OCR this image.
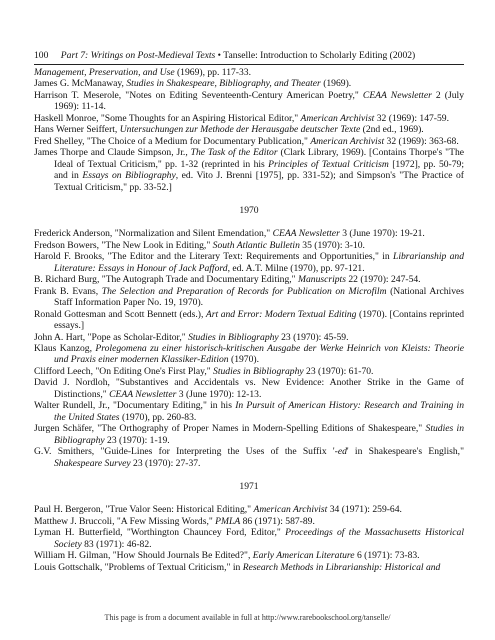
100 Part 7: Writings on Post-Medieval Texts • Tanselle: Introduction to Scholarly Editing (2002)
Management, Preservation, and Use (1969), pp. 117-33.
James G. McManaway, Studies in Shakespeare, Bibliography, and Theater (1969).
Harrison T. Meserole, "Notes on Editing Seventeenth-Century American Poetry," CEAA Newsletter 2 (July 1969): 11-14.
Haskell Monroe, "Some Thoughts for an Aspiring Historical Editor," American Archivist 32 (1969): 147-59.
Hans Werner Seiffert, Untersuchungen zur Methode der Herausgabe deutscher Texte (2nd ed., 1969).
Fred Shelley, "The Choice of a Medium for Documentary Publication," American Archivist 32 (1969): 363-68.
James Thorpe and Claude Simpson, Jr., The Task of the Editor (Clark Library, 1969). [Contains Thorpe's "The Ideal of Textual Criticism," pp. 1-32 (reprinted in his Principles of Textual Criticism [1972], pp. 50-79; and in Essays on Bibliography, ed. Vito J. Brenni [1975], pp. 331-52); and Simpson's "The Practice of Textual Criticism," pp. 33-52.]
1970
Frederick Anderson, "Normalization and Silent Emendation," CEAA Newsletter 3 (June 1970): 19-21.
Fredson Bowers, "The New Look in Editing," South Atlantic Bulletin 35 (1970): 3-10.
Harold F. Brooks, "The Editor and the Literary Text: Requirements and Opportunities," in Librarianship and Literature: Essays in Honour of Jack Pafford, ed. A.T. Milne (1970), pp. 97-121.
B. Richard Burg, "The Autograph Trade and Documentary Editing," Manuscripts 22 (1970): 247-54.
Frank B. Evans, The Selection and Preparation of Records for Publication on Microfilm (National Archives Staff Information Paper No. 19, 1970).
Ronald Gottesman and Scott Bennett (eds.), Art and Error: Modern Textual Editing (1970). [Contains reprinted essays.]
John A. Hart, "Pope as Scholar-Editor," Studies in Bibliography 23 (1970): 45-59.
Klaus Kanzog, Prolegomena zu einer historisch-kritischen Ausgabe der Werke Heinrich von Kleists: Theorie und Praxis einer modernen Klassiker-Edition (1970).
Clifford Leech, "On Editing One's First Play," Studies in Bibliography 23 (1970): 61-70.
David J. Nordloh, "Substantives and Accidentals vs. New Evidence: Another Strike in the Game of Distinctions," CEAA Newsletter 3 (June 1970): 12-13.
Walter Rundell, Jr., "Documentary Editing," in his In Pursuit of American History: Research and Training in the United States (1970), pp. 260-83.
Jurgen Schäfer, "The Orthography of Proper Names in Modern-Spelling Editions of Shakespeare," Studies in Bibliography 23 (1970): 1-19.
G.V. Smithers, "Guide-Lines for Interpreting the Uses of the Suffix '-ed' in Shakespeare's English," Shakespeare Survey 23 (1970): 27-37.
1971
Paul H. Bergeron, "True Valor Seen: Historical Editing," American Archivist 34 (1971): 259-64.
Matthew J. Bruccoli, "A Few Missing Words," PMLA 86 (1971): 587-89.
Lyman H. Butterfield, "Worthington Chauncey Ford, Editor," Proceedings of the Massachusetts Historical Society 83 (1971): 46-82.
William H. Gilman, "How Should Journals Be Edited?", Early American Literature 6 (1971): 73-83.
Louis Gottschalk, "Problems of Textual Criticism," in Research Methods in Librarianship: Historical and
This page is from a document available in full at http://www.rarebookschool.org/tanselle/
